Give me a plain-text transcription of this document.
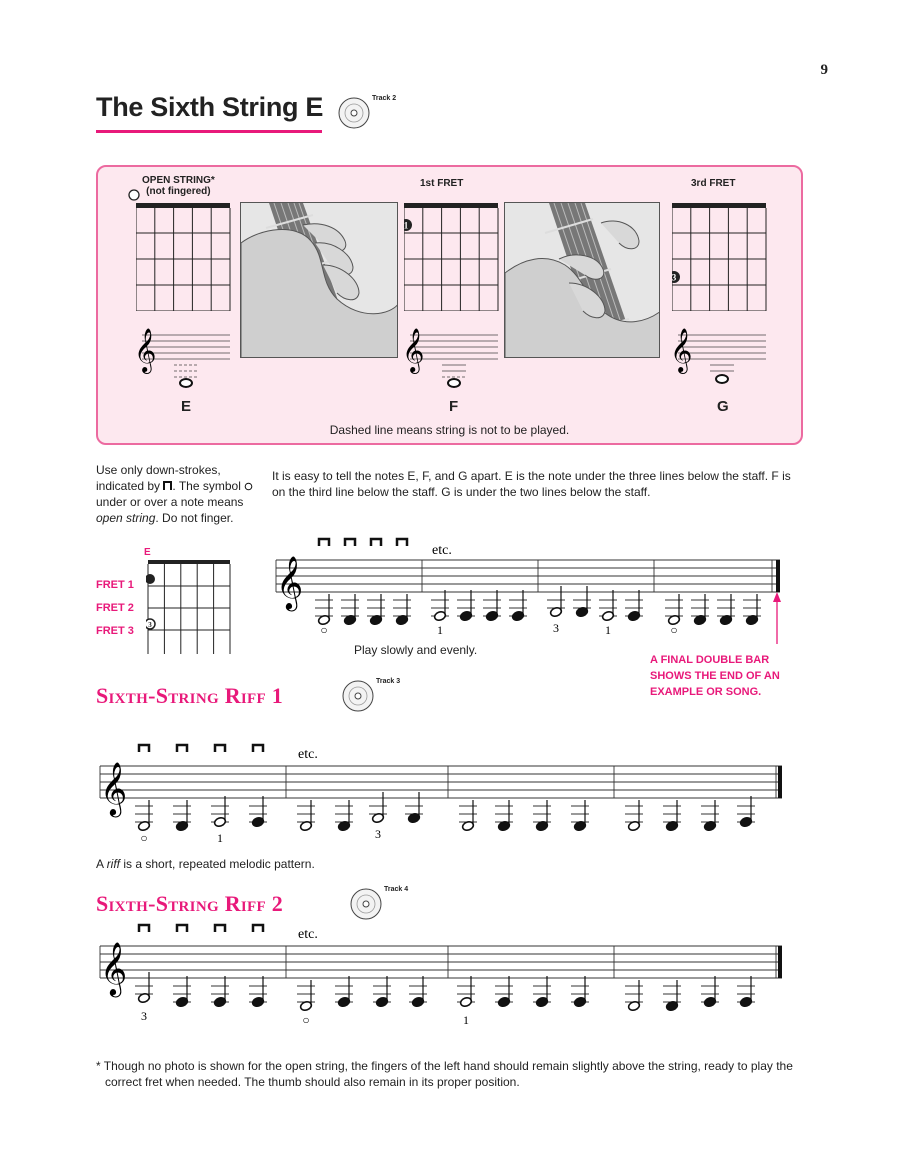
9
The Sixth String E	Track 2
OPEN STRING*
(not fingered)
1st FRET	3rd FRET
1
3
𝄞
E
𝄞
F
𝄞
G
Dashed line means string is not to be played.
Use only down-strokes, indicated by . The symbol  under or over a note means open string. Do not finger.
It is easy to tell the notes E, F, and G apart. E is the note under the three lines below the staff. F is on the third line below the staff. G is under the two lines below the staff.
E
3
FRET 1
FRET 2
FRET 3
𝄞
etc.
○	1	3	1	○
Play slowly and evenly.
A FINAL DOUBLE BAR SHOWS THE END OF AN EXAMPLE OR SONG.
Sixth-String Riff 1
Track 3
𝄞
etc.
○	1	3
A riff is a short, repeated melodic pattern.
Sixth-String Riff 2
Track 4
𝄞
etc.
3	○	1
* Though no photo is shown for the open string, the fingers of the left hand should remain slightly above the string, ready to play the correct fret when needed. The thumb should also remain in its proper position.
